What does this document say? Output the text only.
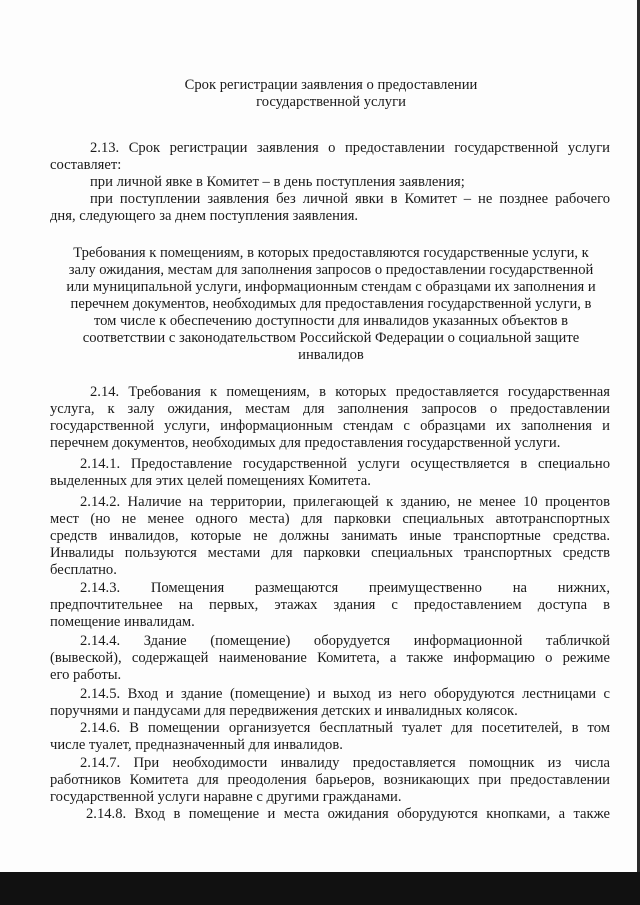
Срок регистрации заявления о предоставлении

государственной услуги

2.13. Срок регистрации заявления о предоставлении государственной услуги

составляет:

при личной явке в Комитет – в день поступления заявления;

при поступлении заявления без личной явки в Комитет – не позднее рабочего

дня, следующего за днем поступления заявления.

Требования к помещениям, в которых предоставляются государственные услуги, к

залу ожидания, местам для заполнения запросов о предоставлении государственной

или муниципальной услуги, информационным стендам с образцами их заполнения и

перечнем документов, необходимых для предоставления государственной услуги, в

том числе к обеспечению доступности для инвалидов указанных объектов в

соответствии с законодательством Российской Федерации о социальной защите

инвалидов

2.14. Требования к помещениям, в которых предоставляется государственная

услуга, к залу ожидания, местам для заполнения запросов о предоставлении

государственной услуги, информационным стендам с образцами их заполнения и

перечнем документов, необходимых для предоставления государственной услуги.

2.14.1. Предоставление государственной услуги осуществляется в специально

выделенных для этих целей помещениях Комитета.

2.14.2. Наличие на территории, прилегающей к зданию, не менее 10 процентов

мест (но не менее одного места) для парковки специальных автотранспортных

средств инвалидов, которые не должны занимать иные транспортные средства.

Инвалиды пользуются местами для парковки специальных транспортных средств

бесплатно.

2.14.3. Помещения размещаются преимущественно на нижних,

предпочтительнее на первых, этажах здания с предоставлением доступа в

помещение инвалидам.

2.14.4. Здание (помещение) оборудуется информационной табличкой

(вывеской), содержащей наименование Комитета, а также информацию о режиме

его работы.

2.14.5. Вход и здание (помещение) и выход из него оборудуются лестницами с

поручнями и пандусами для передвижения детских и инвалидных колясок.

2.14.6. В помещении организуется бесплатный туалет для посетителей, в том

числе туалет, предназначенный для инвалидов.

2.14.7. При необходимости инвалиду предоставляется помощник из числа

работников Комитета для преодоления барьеров, возникающих при предоставлении

государственной услуги наравне с другими гражданами.

2.14.8. Вход в помещение и места ожидания оборудуются кнопками, а также
